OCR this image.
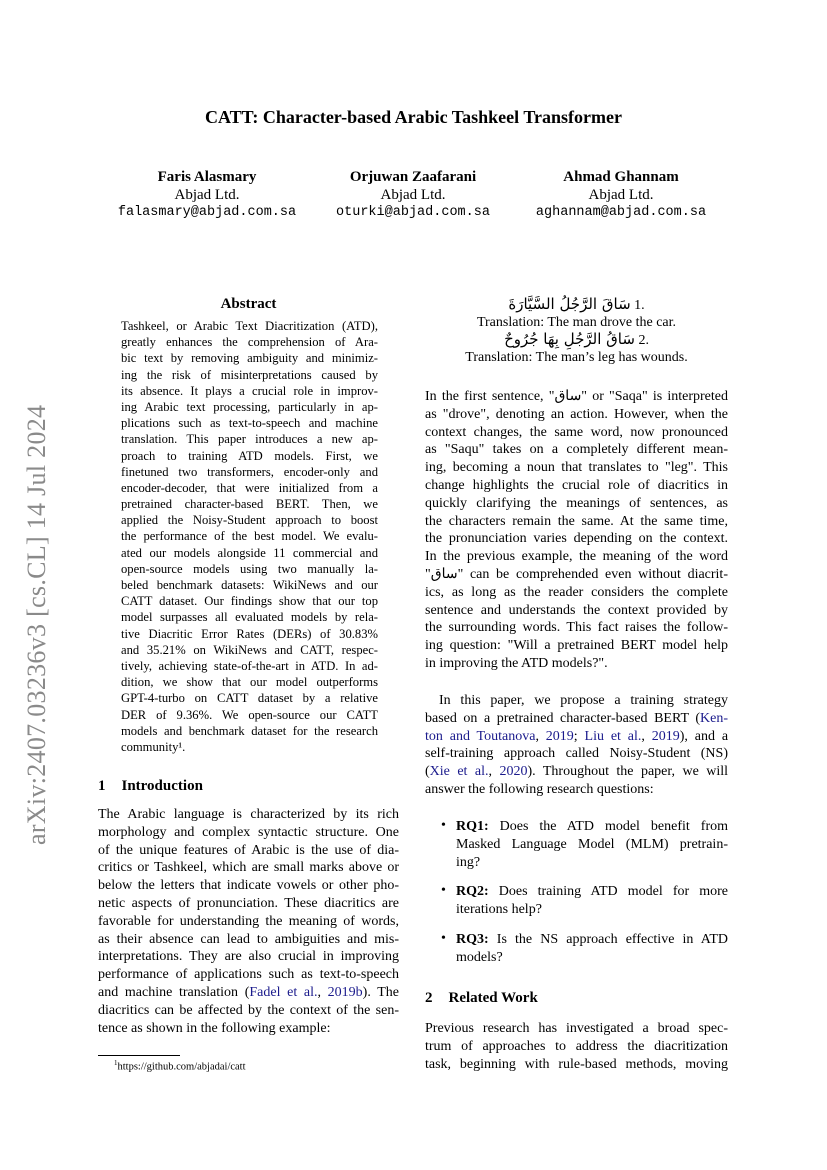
arXiv:2407.03236v3 [cs.CL] 14 Jul 2024
CATT: Character-based Arabic Tashkeel Transformer
Faris Alasmary
Abjad Ltd.
falasmary@abjad.com.sa
Orjuwan Zaafarani
Abjad Ltd.
oturki@abjad.com.sa
Ahmad Ghannam
Abjad Ltd.
aghannam@abjad.com.sa
Abstract
Tashkeel, or Arabic Text Diacritization (ATD),
greatly enhances the comprehension of Ara-
bic text by removing ambiguity and minimiz-
ing the risk of misinterpretations caused by
its absence. It plays a crucial role in improv-
ing Arabic text processing, particularly in ap-
plications such as text-to-speech and machine
translation. This paper introduces a new ap-
proach to training ATD models. First, we
finetuned two transformers, encoder-only and
encoder-decoder, that were initialized from a
pretrained character-based BERT. Then, we
applied the Noisy-Student approach to boost
the performance of the best model. We evalu-
ated our models alongside 11 commercial and
open-source models using two manually la-
beled benchmark datasets: WikiNews and our
CATT dataset. Our findings show that our top
model surpasses all evaluated models by rela-
tive Diacritic Error Rates (DERs) of 30.83%
and 35.21% on WikiNews and CATT, respec-
tively, achieving state-of-the-art in ATD. In ad-
dition, we show that our model outperforms
GPT-4-turbo on CATT dataset by a relative
DER of 9.36%. We open-source our CATT
models and benchmark dataset for the research
community¹.
1 Introduction
The Arabic language is characterized by its rich
morphology and complex syntactic structure. One
of the unique features of Arabic is the use of dia-
critics or Tashkeel, which are small marks above or
below the letters that indicate vowels or other pho-
netic aspects of pronunciation. These diacritics are
favorable for understanding the meaning of words,
as their absence can lead to ambiguities and mis-
interpretations. They are also crucial in improving
performance of applications such as text-to-speech
and machine translation (Fadel et al., 2019b). The
diacritics can be affected by the context of the sen-
tence as shown in the following example:
$^1$https://github.com/abjadai/catt
سَاقَ الرَّجُلُ السَّيَّارَةَ 1.
Translation: The man drove the car.
سَاقُ الرَّجُلِ بِهَا جُرُوحٌ 2.
Translation: The man’s leg has wounds.
In the first sentence, "ساق" or "Saqa" is interpreted
as "drove", denoting an action. However, when the
context changes, the same word, now pronounced
as "Saqu" takes on a completely different mean-
ing, becoming a noun that translates to "leg". This
change highlights the crucial role of diacritics in
quickly clarifying the meanings of sentences, as
the characters remain the same. At the same time,
the pronunciation varies depending on the context.
In the previous example, the meaning of the word
"ساق" can be comprehended even without diacrit-
ics, as long as the reader considers the complete
sentence and understands the context provided by
the surrounding words. This fact raises the follow-
ing question: "Will a pretrained BERT model help
in improving the ATD models?".
In this paper, we propose a training strategy
based on a pretrained character-based BERT (Ken-
ton and Toutanova, 2019; Liu et al., 2019), and a
self-training approach called Noisy-Student (NS)
(Xie et al., 2020). Throughout the paper, we will
answer the following research questions:
• RQ1: Does the ATD model benefit from
Masked Language Model (MLM) pretrain-
ing?
• RQ2: Does training ATD model for more
iterations help?
• RQ3: Is the NS approach effective in ATD
models?
2 Related Work
Previous research has investigated a broad spec-
trum of approaches to address the diacritization
task, beginning with rule-based methods, moving
